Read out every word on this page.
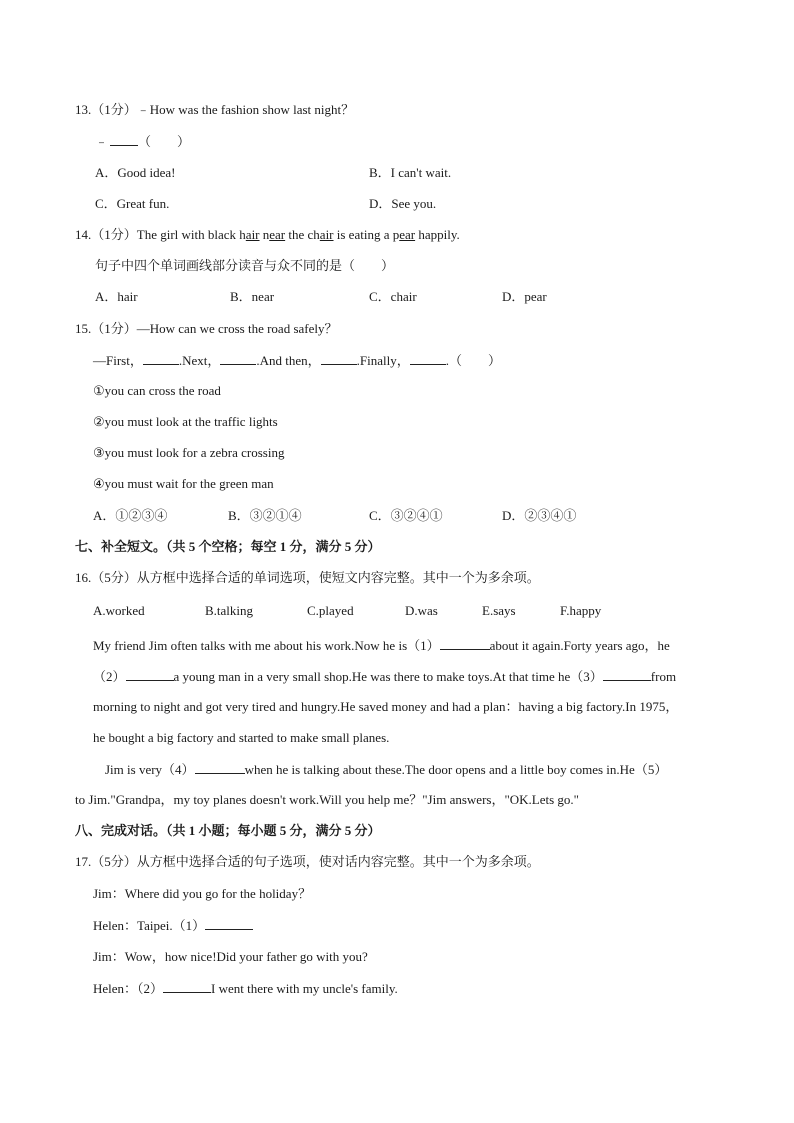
13.（1分）﹣How was the fashion show last night？
﹣ （　　）
A．Good idea!	B．I can't wait.
C．Great fun.	D．See you.
14.（1分）The girl with black hair near the chair is eating a pear happily.
句子中四个单词画线部分读音与众不同的是（　　）
A．hair	B．near	C．chair	D．pear
15.（1分）—How can we cross the road safely？
—First，	.Next，	.And then，	.Finally，	.（　　）
①you can cross the road
②you must look at the traffic lights
③you must look for a zebra crossing
④you must wait for the green man
A．①②③④	B．③②①④	C．③②④①	D．②③④①
七、补全短文。（共 5 个空格；每空 1 分，满分 5 分）
16.（5分）从方框中选择合适的单词选项，使短文内容完整。其中一个为多余项。
A.worked	B.talking	C.played	D.was	E.says	F.happy
My friend Jim often talks with me about his work.Now he is（1）	about it again.Forty years ago，he
（2）	a young man in a very small shop.He was there to make toys.At that time he（3）	from
morning to night and got very tired and hungry.He saved money and had a plan：having a big factory.In 1975，
he bought a big factory and started to make small planes.
Jim is very（4）	when he is talking about these.The door opens and a little boy comes in.He（5）
to Jim."Grandpa，my toy planes doesn't work.Will you help me？"Jim answers，"OK.Lets go."
八、完成对话。（共 1 小题；每小题 5 分，满分 5 分）
17.（5分）从方框中选择合适的句子选项，使对话内容完整。其中一个为多余项。
Jim：Where did you go for the holiday？
Helen：Taipei.（1）
Jim：Wow，how nice!Did your father go with you?
Helen：（2）	I went there with my uncle's family.
